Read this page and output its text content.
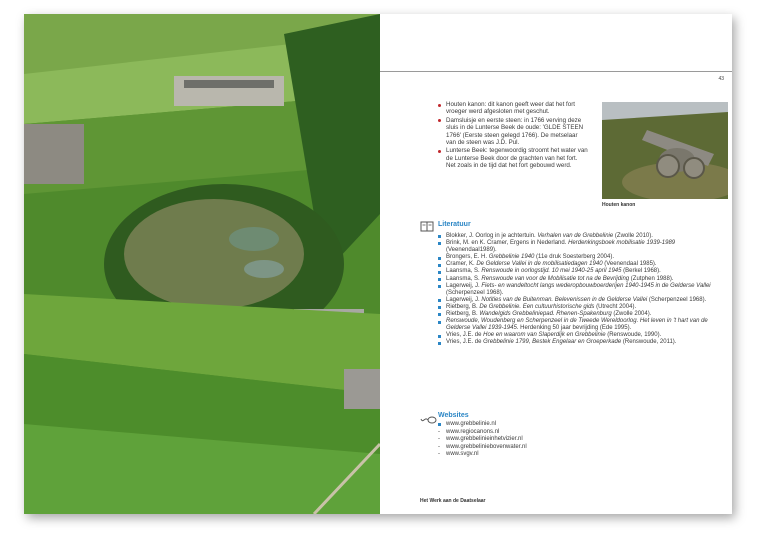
43
Houten kanon: dit kanon geeft weer dat het fort vroeger werd afgesloten met geschut.
Damsluisje en eerste steen: in 1766 verving deze sluis in de Lunterse Beek de oude: 'GLDE STEEN 1766' (Eerste steen gelegd 1766). De metselaar van de steen was J.D. Pul.
Lunterse Beek: tegenwoordig stroomt het water van de Lunterse Beek door de grachten van het fort. Net zoals in de tijd dat het fort gebouwd werd.
Houten kanon
Literatuur
Blokker, J. Oorlog in je achtertuin. Verhalen van de Grebbelinie (Zwolle 2010).
Brink, M. en K. Cramer, Ergens in Nederland. Herdenkingsboek mobilisatie 1939-1989 (Veenendaal1989).
Brongers, E. H. Grebbelinie 1940 (11e druk Soesterberg 2004).
Cramer, K. De Gelderse Vallei in de mobilisatiedagen 1940 (Veenendaal 1985).
Laansma, S. Renswoude in oorlogstijd. 10 mei 1940-25 april 1945 (Berkel 1968).
Laansma, S. Renswoude van voor de Mobilisatie tot na de Bevrijding (Zutphen 1988).
Lagerweij, J. Fiets- en wandeltocht langs wederopbouwboerderijen 1940-1945 in de Gelderse Vallei (Scherpenzeel 1968).
Lagerweij, J. Notities van de Buitenman. Belevenissen in de Gelderse Vallei (Scherpenzeel 1968).
Rietberg, B. De Grebbelinie. Een cultuurhistorische gids (Utrecht 2004).
Rietberg, B. Wandelgids Grebbelinie​pad. Rhenen-Spakenburg (Zwolle 2004).
Renswoude, Woudenberg en Scherpenzeel in de Tweede Wereldoorlog. Het leven in 't hart van de Gelderse Vallei 1939-1945. Herdenking 50 jaar bevrijding (Ede 1995).
Vries, J.E. de Hoe en waarom van Slaperdijk en Grebbelinie (Renswoude, 1990).
Vries, J.E. de Grebbelinie 1799, Bestek Engelaar en Groeperkade (Renswoude, 2011).
Websites
www.grebbelinie.nl
- www.regiocanons.nl
- www.grebbelinieinhetvizier.nl
- www.grebbeliniebovenwater.nl
- www.svgv.nl
Het Werk aan de Daatselaar
